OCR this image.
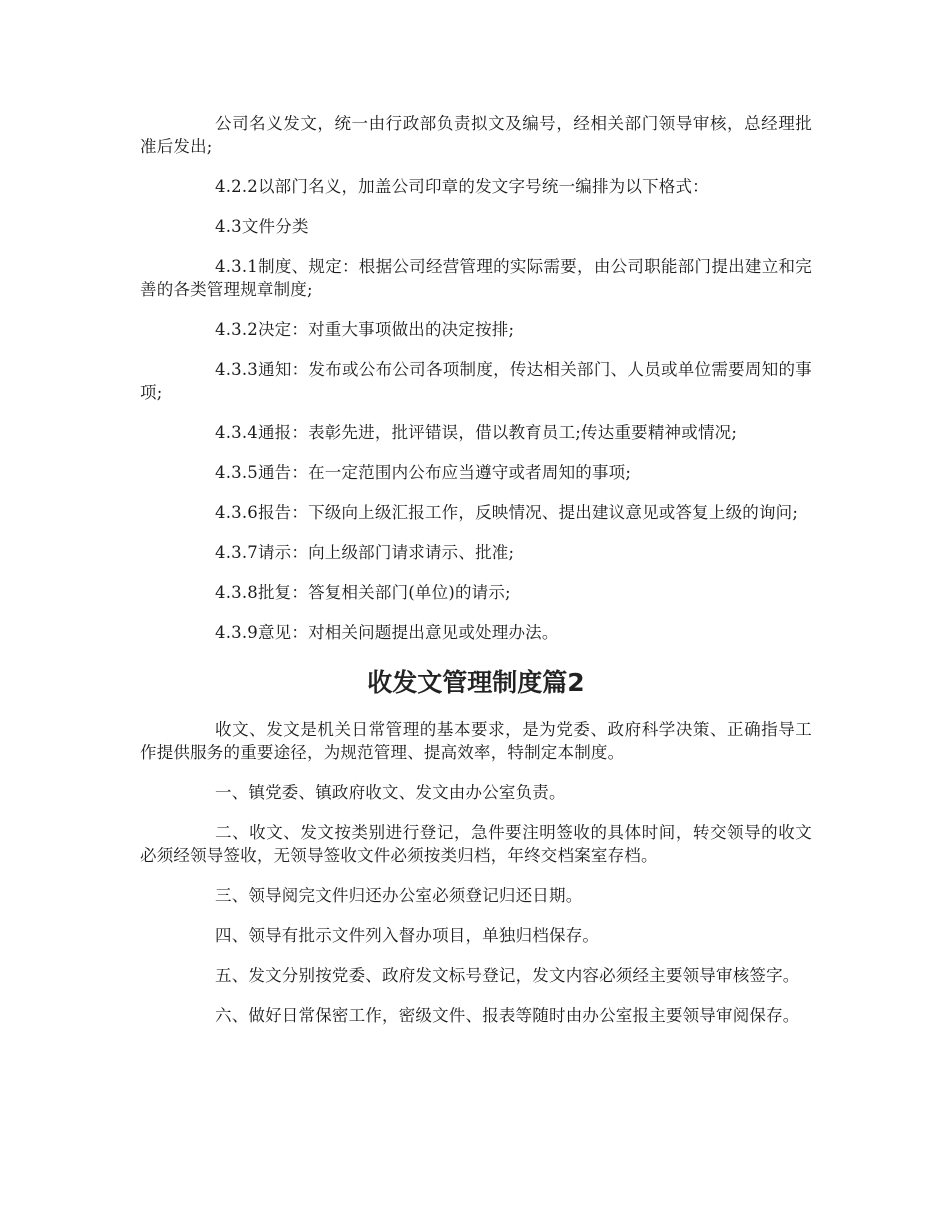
公司名义发文，统一由行政部负责拟文及编号，经相关部门领导审核，总经理批准后发出;

4.2.2以部门名义，加盖公司印章的发文字号统一编排为以下格式：

4.3文件分类

4.3.1制度、规定：根据公司经营管理的实际需要，由公司职能部门提出建立和完善的各类管理规章制度;

4.3.2决定：对重大事项做出的决定按排;

4.3.3通知：发布或公布公司各项制度，传达相关部门、人员或单位需要周知的事项;

4.3.4通报：表彰先进，批评错误，借以教育员工;传达重要精神或情况;

4.3.5通告：在一定范围内公布应当遵守或者周知的事项;

4.3.6报告：下级向上级汇报工作，反映情况、提出建议意见或答复上级的询问;

4.3.7请示：向上级部门请求请示、批准;

4.3.8批复：答复相关部门(单位)的请示;

4.3.9意见：对相关问题提出意见或处理办法。

收发文管理制度篇2

收文、发文是机关日常管理的基本要求，是为党委、政府科学决策、正确指导工作提供服务的重要途径，为规范管理、提高效率，特制定本制度。

一、镇党委、镇政府收文、发文由办公室负责。

二、收文、发文按类别进行登记，急件要注明签收的具体时间，转交领导的收文必须经领导签收，无领导签收文件必须按类归档，年终交档案室存档。

三、领导阅完文件归还办公室必须登记归还日期。

四、领导有批示文件列入督办项目，单独归档保存。

五、发文分别按党委、政府发文标号登记，发文内容必须经主要领导审核签字。

六、做好日常保密工作，密级文件、报表等随时由办公室报主要领导审阅保存。
